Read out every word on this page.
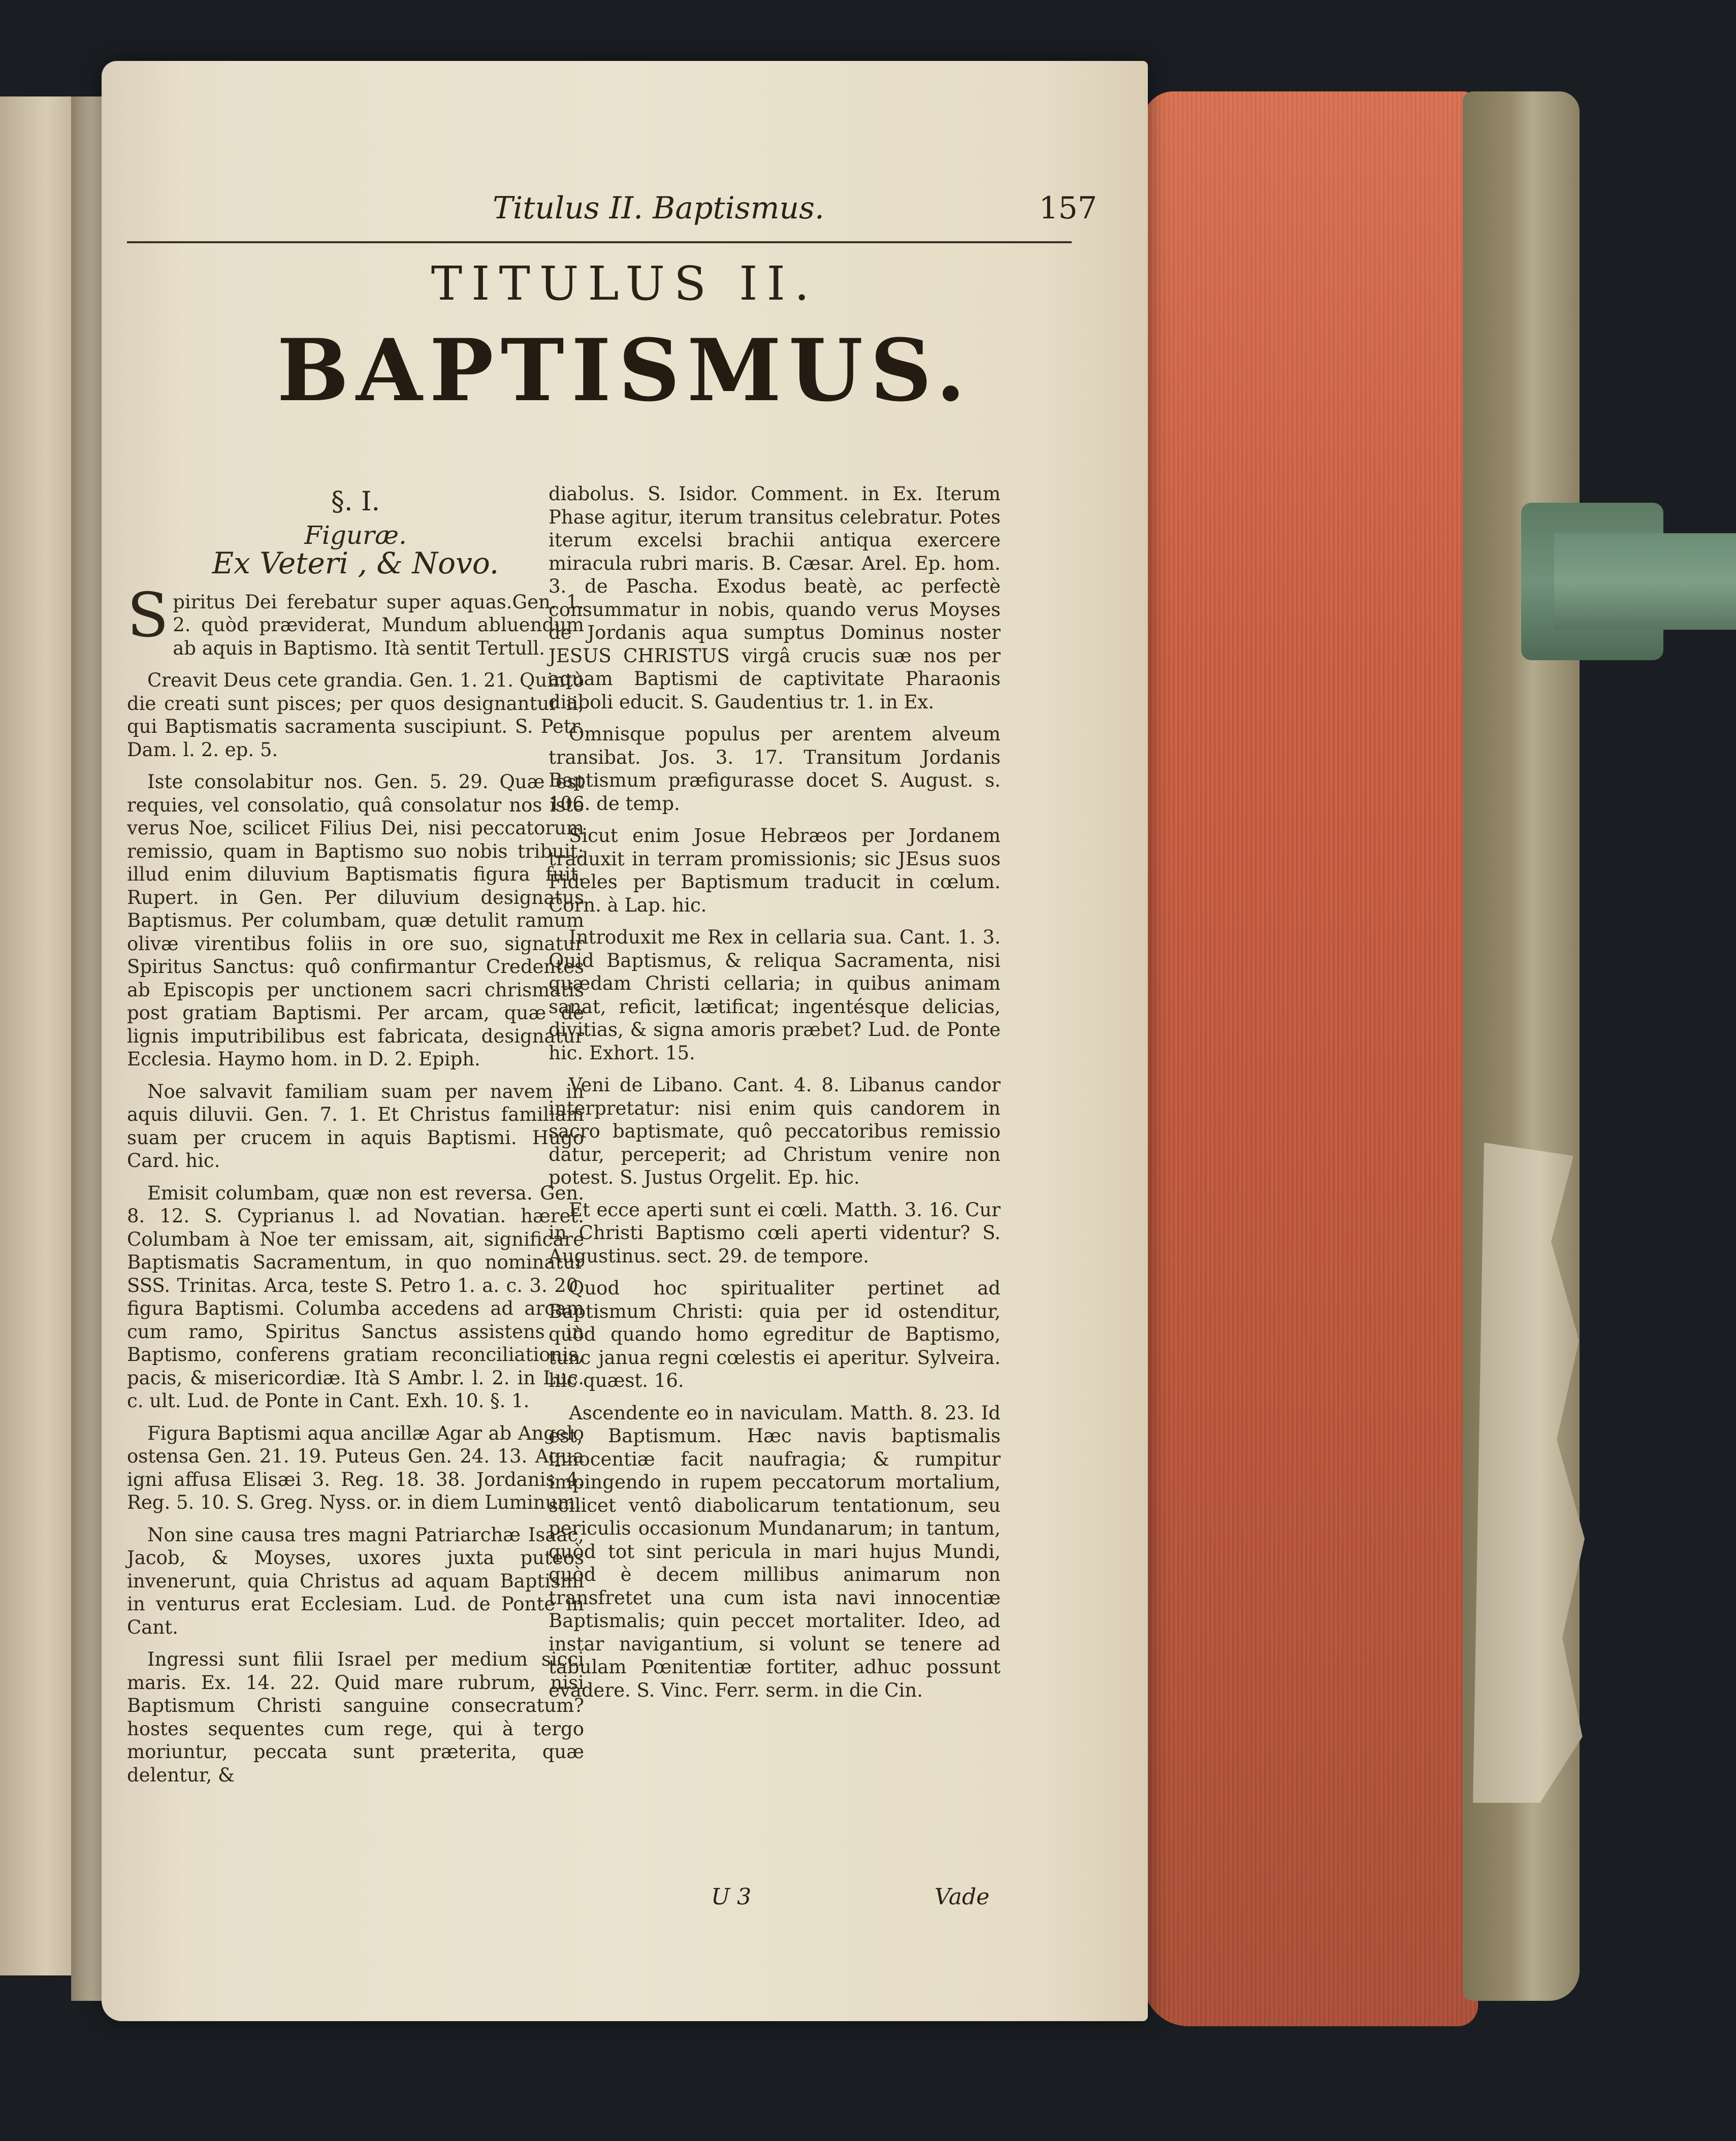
Titulus II. Baptismus.	157
TITULUS II.
BAPTISMUS.
§. I.
Figuræ.
Ex Veteri , & Novo.

Spiritus Dei ferebatur super aquas.Gen. 1. 2. quòd præviderat, Mundum abluendum ab aquis in Baptismo. Ità sentit Tertull.

Creavit Deus cete grandia. Gen. 1. 21. Quintò die creati sunt pisces; per quos designantur ii, qui Baptismatis sacramenta suscipiunt. S. Petr. Dam. l. 2. ep. 5.

Iste consolabitur nos. Gen. 5. 29. Quæ est requies, vel consolatio, quâ consolatur nos iste verus Noe, scilicet Filius Dei, nisi peccatorum remissio, quam in Baptismo suo nobis tribuit: illud enim diluvium Baptismatis figura fuit. Rupert. in Gen. Per diluvium designatus Baptismus. Per columbam, quæ detulit ramum olivæ virentibus foliis in ore suo, signatur Spiritus Sanctus: quô confirmantur Credentes ab Episcopis per unctionem sacri chrismatis post gratiam Baptismi. Per arcam, quæ de lignis imputribilibus est fabricata, designatur Ecclesia. Haymo hom. in D. 2. Epiph.

Noe salvavit familiam suam per navem in aquis diluvii. Gen. 7. 1. Et Christus familiam suam per crucem in aquis Baptismi. Hugo Card. hic.

Emisit columbam, quæ non est reversa. Gen. 8. 12. S. Cyprianus l. ad Novatian. hæret. Columbam à Noe ter emissam, ait, significare Baptismatis Sacramentum, in quo nominatur SSS. Trinitas. Arca, teste S. Petro 1. a. c. 3. 20. figura Baptismi. Columba accedens ad arcam cum ramo, Spiritus Sanctus assistens in Baptismo, conferens gratiam reconciliationis, pacis, & misericordiæ. Ità S Ambr. l. 2. in Luc. c. ult. Lud. de Ponte in Cant. Exh. 10. §. 1.

Figura Baptismi aqua ancillæ Agar ab Angelo ostensa Gen. 21. 19. Puteus Gen. 24. 13. Aqua igni affusa Elisæi 3. Reg. 18. 38. Jordanis 4. Reg. 5. 10. S. Greg. Nyss. or. in diem Luminum.

Non sine causa tres magni Patriarchæ Isaac, Jacob, & Moyses, uxores juxta puteos invenerunt, quia Christus ad aquam Baptismi in venturus erat Ecclesiam. Lud. de Ponte in Cant.

Ingressi sunt filii Israel per medium sicci maris. Ex. 14. 22. Quid mare rubrum, nisi Baptismum Christi sanguine consecratum? hostes sequentes cum rege, qui à tergo moriuntur, peccata sunt præterita, quæ delentur, &

diabolus. S. Isidor. Comment. in Ex. Iterum Phase agitur, iterum transitus celebratur. Potes iterum excelsi brachii antiqua exercere miracula rubri maris. B. Cæsar. Arel. Ep. hom. 3. de Pascha. Exodus beatè, ac perfectè consummatur in nobis, quando verus Moyses de Jordanis aqua sumptus Dominus noster JESUS CHRISTUS virgâ crucis suæ nos per aquam Baptismi de captivitate Pharaonis diaboli educit. S. Gaudentius tr. 1. in Ex.

Omnisque populus per arentem alveum transibat. Jos. 3. 17. Transitum Jordanis Baptismum præfigurasse docet S. August. s. 106. de temp.

Sicut enim Josue Hebræos per Jordanem traduxit in terram promissionis; sic JEsus suos Fideles per Baptismum traducit in cœlum. Corn. à Lap. hic.

Introduxit me Rex in cellaria sua. Cant. 1. 3. Quid Baptismus, & reliqua Sacramenta, nisi quædam Christi cellaria; in quibus animam sanat, reficit, lætificat; ingentésque delicias, divitias, & signa amoris præbet? Lud. de Ponte hic. Exhort. 15.

Veni de Libano. Cant. 4. 8. Libanus candor interpretatur: nisi enim quis candorem in sacro baptismate, quô peccatoribus remissio datur, perceperit; ad Christum venire non potest. S. Justus Orgelit. Ep. hic.

Et ecce aperti sunt ei cœli. Matth. 3. 16. Cur in Christi Baptismo cœli aperti videntur? S. Augustinus. sect. 29. de tempore.

Quod hoc spiritualiter pertinet ad Baptismum Christi: quia per id ostenditur, quòd quando homo egreditur de Baptismo, tunc janua regni cœlestis ei aperitur. Sylveira. hic quæst. 16.

Ascendente eo in naviculam. Matth. 8. 23. Id est, Baptismum. Hæc navis baptismalis innocentiæ facit naufragia; & rumpitur impingendo in rupem peccatorum mortalium, scilicet ventô diabolicarum tentationum, seu periculis occasionum Mundanarum; in tantum, quòd tot sint pericula in mari hujus Mundi, quòd è decem millibus animarum non transfretet una cum ista navi innocentiæ Baptismalis; quin peccet mortaliter. Ideo, ad instar navigantium, si volunt se tenere ad tabulam Pœnitentiæ fortiter, adhuc possunt evadere. S. Vinc. Ferr. serm. in die Cin.

U 3	Vade
